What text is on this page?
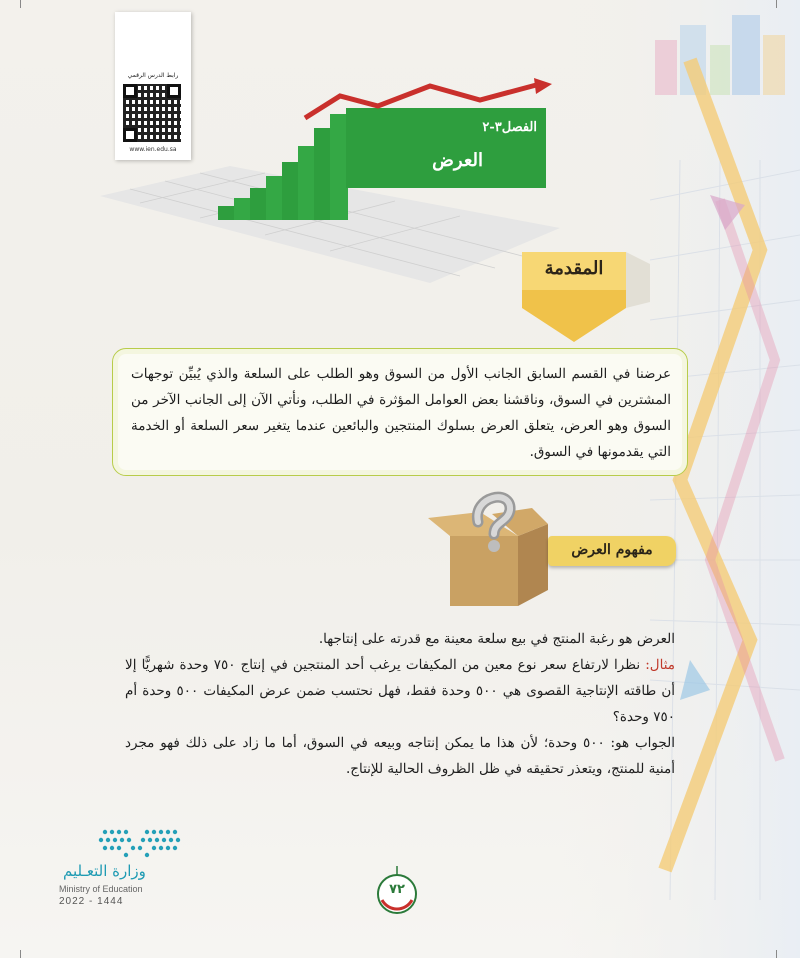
رابط الدرس الرقمي
www.ien.edu.sa
الفصل٣-٢
العرض
المقدمة
عرضنا في القسم السابق الجانب الأول من السوق وهو الطلب على السلعة والذي يُبيِّن توجهات المشترين في السوق، وناقشنا بعض العوامل المؤثرة في الطلب، ونأتي الآن إلى الجانب الآخر من السوق وهو العرض، يتعلق العرض بسلوك المنتجين والبائعين عندما يتغير سعر السلعة أو الخدمة التي يقدمونها في السوق.
مفهوم العرض

العرض هو رغبة المنتج في بيع سلعة معينة مع قدرته على إنتاجها.

مثال: نظرا لارتفاع سعر نوع معين من المكيفات يرغب أحد المنتجين في إنتاج ٧٥٠ وحدة شهريًّا إلا أن طاقته الإنتاجية القصوى هي ٥٠٠ وحدة فقط، فهل نحتسب ضمن عرض المكيفات ٥٠٠ وحدة أم ٧٥٠ وحدة؟

الجواب هو: ٥٠٠ وحدة؛ لأن هذا ما يمكن إنتاجه وبيعه في السوق، أما ما زاد على ذلك فهو مجرد أمنية للمنتج، ويتعذر تحقيقه في ظل الظروف الحالية للإنتاج.

وزارة التعـليم
Ministry of Education
2022 - 1444
٧٢
